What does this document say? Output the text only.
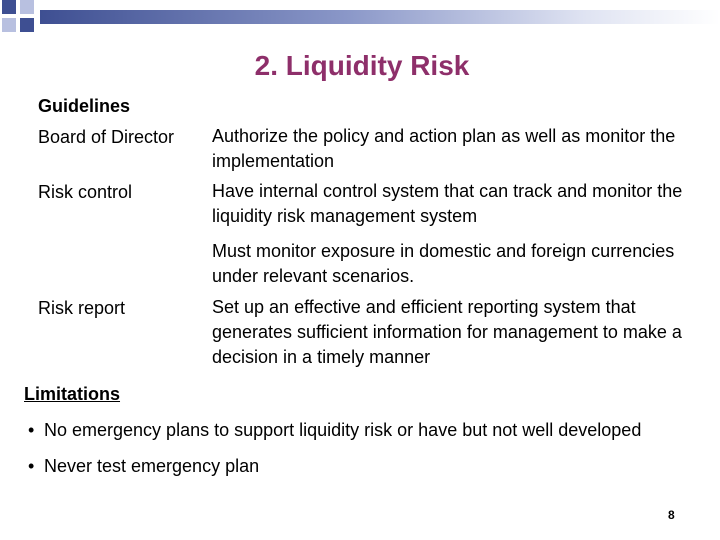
2. Liquidity Risk
Guidelines
Board of Director Authorize the policy and action plan as well as monitor the implementation
Risk control	Have internal control system that can track and monitor the liquidity risk management system
Must monitor exposure in domestic and foreign currencies under relevant scenarios.
Risk report	Set up an effective and efficient reporting system that generates sufficient information for management to make a decision in a timely manner
Limitations
• No emergency plans to support liquidity risk or have but not well developed
• Never test emergency plan
8
